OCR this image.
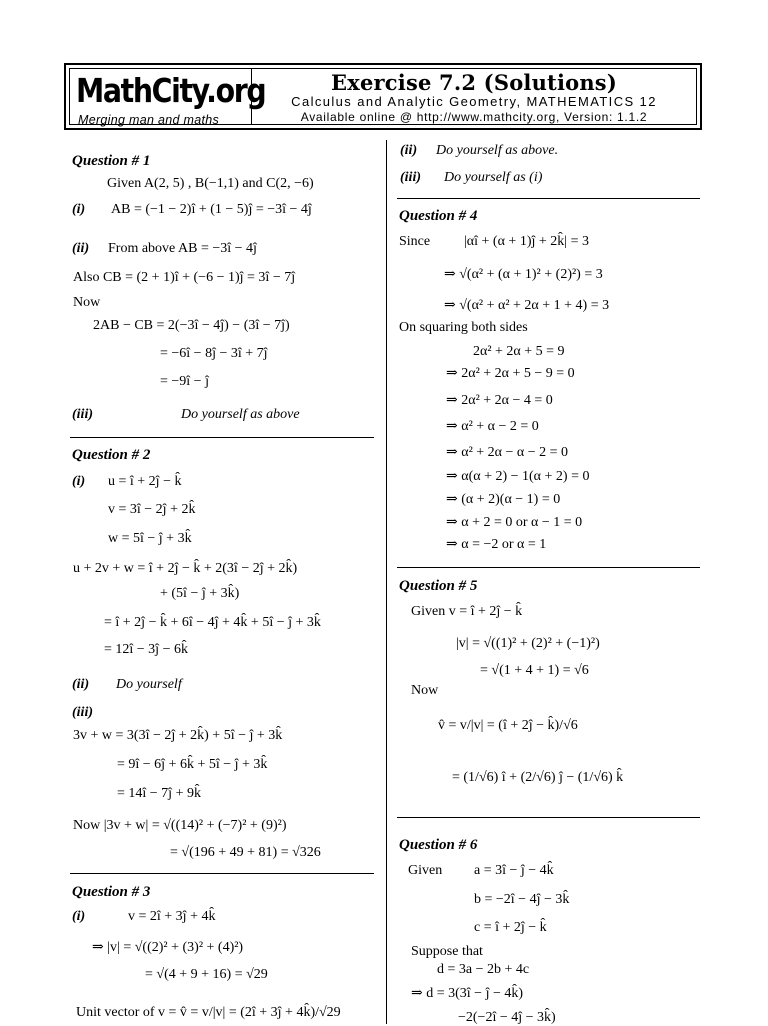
MathCity.org
Merging man and maths
Exercise 7.2 (Solutions)
Calculus and Analytic Geometry, MATHEMATICS 12
Available online @ http://www.mathcity.org, Version: 1.1.2
Question # 1
Given A(2, 5) , B(−1,1) and C(2, −6)
(i) AB = (−1 − 2)î + (1 − 5)ĵ = −3î − 4ĵ
(ii) From above AB = −3î − 4ĵ
Also CB = (2 + 1)î + (−6 − 1)ĵ = 3î − 7ĵ
Now
2AB − CB = 2(−3î − 4ĵ) − (3î − 7ĵ)
= −6î − 8ĵ − 3î + 7ĵ
= −9î − ĵ
(iii)	Do yourself as above
Question # 2
(i) u = î + 2ĵ − k̂
v = 3î − 2ĵ + 2k̂
w = 5î − ĵ + 3k̂
u + 2v + w = î + 2ĵ − k̂ + 2(3î − 2ĵ + 2k̂)
+ (5î − ĵ + 3k̂)
= î + 2ĵ − k̂ + 6î − 4ĵ + 4k̂ + 5î − ĵ + 3k̂
= 12î − 3ĵ − 6k̂
(ii) Do yourself
(iii)
3v + w = 3(3î − 2ĵ + 2k̂) + 5î − ĵ + 3k̂
= 9î − 6ĵ + 6k̂ + 5î − ĵ + 3k̂
= 14î − 7ĵ + 9k̂
Now |3v + w| = √((14)² + (−7)² + (9)²)
= √(196 + 49 + 81) = √326
Question # 3
(i)	v = 2î + 3ĵ + 4k̂
⇒ |v| = √((2)² + (3)² + (4)²)
= √(4 + 9 + 16) = √29
Unit vector of v = v̂ = v/|v| = (2î + 3ĵ + 4k̂)/√29
(ii) Do yourself as above.
(iii) Do yourself as (i)
Question # 4
Since |αî + (α + 1)ĵ + 2k̂| = 3
⇒ √(α² + (α + 1)² + (2)²) = 3
⇒ √(α² + α² + 2α + 1 + 4) = 3
On squaring both sides
2α² + 2α + 5 = 9
⇒ 2α² + 2α + 5 − 9 = 0
⇒ 2α² + 2α − 4 = 0
⇒ α² + α − 2 = 0
⇒ α² + 2α − α − 2 = 0
⇒ α(α + 2) − 1(α + 2) = 0
⇒ (α + 2)(α − 1) = 0
⇒ α + 2 = 0 or α − 1 = 0
⇒ α = −2 or α = 1
Question # 5
Given v = î + 2ĵ − k̂
|v| = √((1)² + (2)² + (−1)²)
= √(1 + 4 + 1) = √6
Now
v̂ = v/|v| = (î + 2ĵ − k̂)/√6
= (1/√6) î + (2/√6) ĵ − (1/√6) k̂
Question # 6
Given a = 3î − ĵ − 4k̂
b = −2î − 4ĵ − 3k̂
c = î + 2ĵ − k̂
Suppose that
d = 3a − 2b + 4c
⇒ d = 3(3î − ĵ − 4k̂)
−2(−2î − 4ĵ − 3k̂)
